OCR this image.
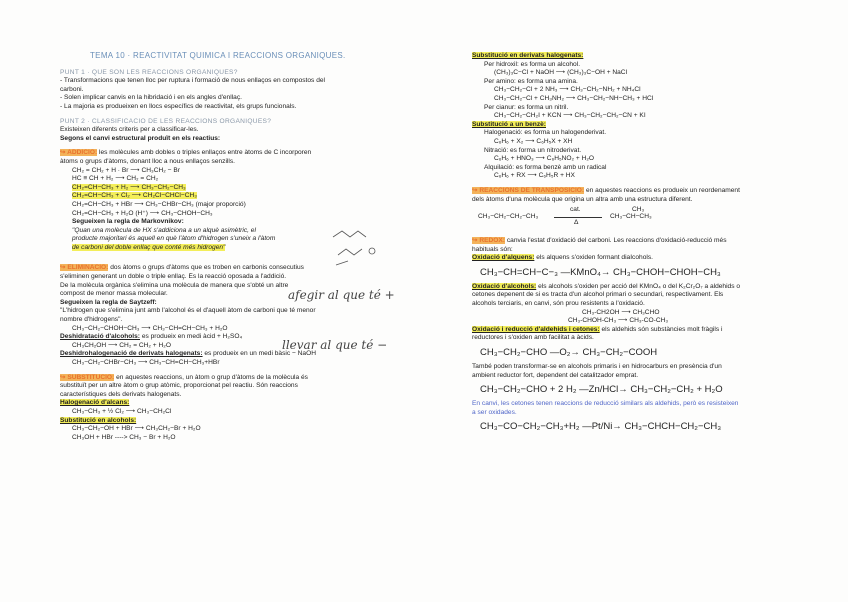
TEMA 10 · REACTIVITAT QUÍMICA I REACCIONS ORGÀNIQUES.
PUNT 1 · QUE SÓN LES REACCIONS ORGÀNIQUES?
- Transformacions que tenen lloc per ruptura i formació de nous enllaços en compostos del
carboni.
- Solen implicar canvis en la hibridació i en els angles d'enllaç.
- La majoria es produeixen en llocs específics de reactivitat, els grups funcionals.
PUNT 2 · CLASSIFICACIÓ DE LES REACCIONS ORGÀNIQUES?
Existeixen diferents criteris per a classificar-les.
Segons el canvi estructural produït en els reactius:
↪ ADDICIÓ: les molècules amb dobles o triples enllaços entre àtoms de C incorporen
àtoms o grups d'àtoms, donant lloc a nous enllaços senzills.
CH₂ = CH₂ + H · Br ⟶ CH₃CH₂ − Br
HC ≡ CH + H₂ ⟶ CH₂ = CH₂
CH₂=CH−CH₃ + H₂ ⟶ CH₃−CH₂−CH₃
CH₂=CH−CH₃ + Cl₂ ⟶ CH₂Cl−CHCl−CH₃
CH₂=CH−CH₃ + HBr ⟶ CH₃−CHBr−CH₃ (major proporció)
CH₂=CH−CH₃ + H₂O (H⁺) ⟶ CH₃−CHOH−CH₃
Segueixen la regla de Markovnikov:
"Quan una molècula de HX s'addiciona a un alquè asimètric, el
producte majoritari és aquell en què l'àtom d'hidrogen s'uneix a l'àtom
de carboni del doble enllaç que conté més hidrogen"
↪ ELIMINACIÓ: dos àtoms o grups d'àtoms que es troben en carbonis consecutius
s'eliminen generant un doble o triple enllaç. És la reacció oposada a l'addició.
De la molècula orgànica s'elimina una molècula de manera que s'obté un altre
compost de menor massa molecular.
Segueixen la regla de Saytzeff:
"L'hidrogen que s'elimina junt amb l'alcohol és el d'aquell àtom de carboni que té menor
nombre d'hidrogens".
CH₃−CH₂−CHOH−CH₃ ⟶ CH₃−CH=CH−CH₃ + H₂O
Deshidratació d'alcohols: es produeix en medi àcid + H₂SO₄
CH₃CH₂OH ⟶ CH₂ = CH₂ + H₂O
Deshidrohalogenació de derivats halogenats: es produeix en un medi bàsic − NaOH
CH₃−CH₂−CHBr−CH₃ ⟶ CH₃−CH=CH−CH₃+HBr
↪ SUBSTITUCIÓ: en aquestes reaccions, un àtom o grup d'àtoms de la molècula és
substituït per un altre àtom o grup atòmic, proporcionat pel reactiu. Són reaccions
característiques dels derivats halogenats.
Halogenació d'alcans:
CH₃−CH₃ + ½ Cl₂ ⟶ CH₃−CH₂Cl
Substitució en alcohols:
CH₃−CH₂−OH + HBr ⟶ CH₃CH₂−Br + H₂O
CH₃OH + HBr ----> CH₃ − Br + H₂O
afegir al que té +
llevar al que té −
Substitució en derivats halogenats:
Per hidroxil: es forma un alcohol.
(CH₃)₃C−Cl + NaOH ⟶ (CH₃)₃C−OH + NaCl
Per amino: es forma una amina.
CH₃−CH₂−Cl + 2 NH₃ ⟶ CH₃−CH₂−NH₂ + NH₄Cl
CH₃−CH₂−Cl + CH₃NH₂ ⟶ CH₃−CH₂−NH−CH₃ + HCl
Per cianur: es forma un nitril.
CH₃−CH₂−CH₂I + KCN ⟶ CH₃−CH₂−CH₂−CN + KI
Substitució a un benzè:
Halogenació: es forma un halogenderivat.
C₆H₆ + X₂ ⟶ C₆H₅X + XH
Nitració: es forma un nitroderivat.
C₆H₆ + HNO₃ ⟶ C₆H₅NO₂ + H₂O
Alquilació: es forma benzè amb un radical
C₆H₆ + RX ⟶ C₆H₅R + HX
↪ REACCIONS DE TRANSPOSICIÓ: en aquestes reaccions es produeix un reordenament
dels àtoms d'una molècula que origina un altra amb una estructura diferent.
CH₃−CH₂−CH₂−CH₃
cat.
Δ
CH₃
CH₃−CH−CH₃
↪ REDOX: canvia l'estat d'oxidació del carboni. Les reaccions d'oxidació-reducció més
habituals són:
Oxidació d'alquens: els alquens s'oxiden formant diaIcohols.
CH₃−CH=CH−C−₃ —KMnO₄→ CH₃−CHOH−CHOH−CH₃
Oxidació d'alcohols: els alcohols s'oxiden per acció del KMnO₄ o del K₂Cr₂O₇ a aldehids o
cetones depenent de si es tracta d'un alcohol primari o secundari, respectivament. Els
alcohols terciaris, en canvi, són prou resistents a l'oxidació.
CH₃-CH2OH ⟶ CH₃CHO
CH₃-CHOH-CH₃ ⟶ CH₃-CO-CH₃
Oxidació i reducció d'aldehids i cetones: els aldehids són substàncies molt fràgils i
reductores i s'oxiden amb facilitat a àcids.
CH₃−CH₂−CHO —O₂→ CH₃−CH₂−COOH
També poden transformar-se en alcohols primaris i en hidrocarburs en presència d'un
ambient reductor fort, dependent del catalitzador emprat.
CH₃−CH₂−CHO + 2 H₂ —Zn/HCl→ CH₃−CH₂−CH₂ + H₂O
En canvi, les cetones tenen reaccions de reducció similars als aldehids, però es resisteixen
a ser oxidades.
CH₃−CO−CH₂−CH₃+H₂ —Pt/Ni→ CH₃−CHCH−CH₂−CH₃
